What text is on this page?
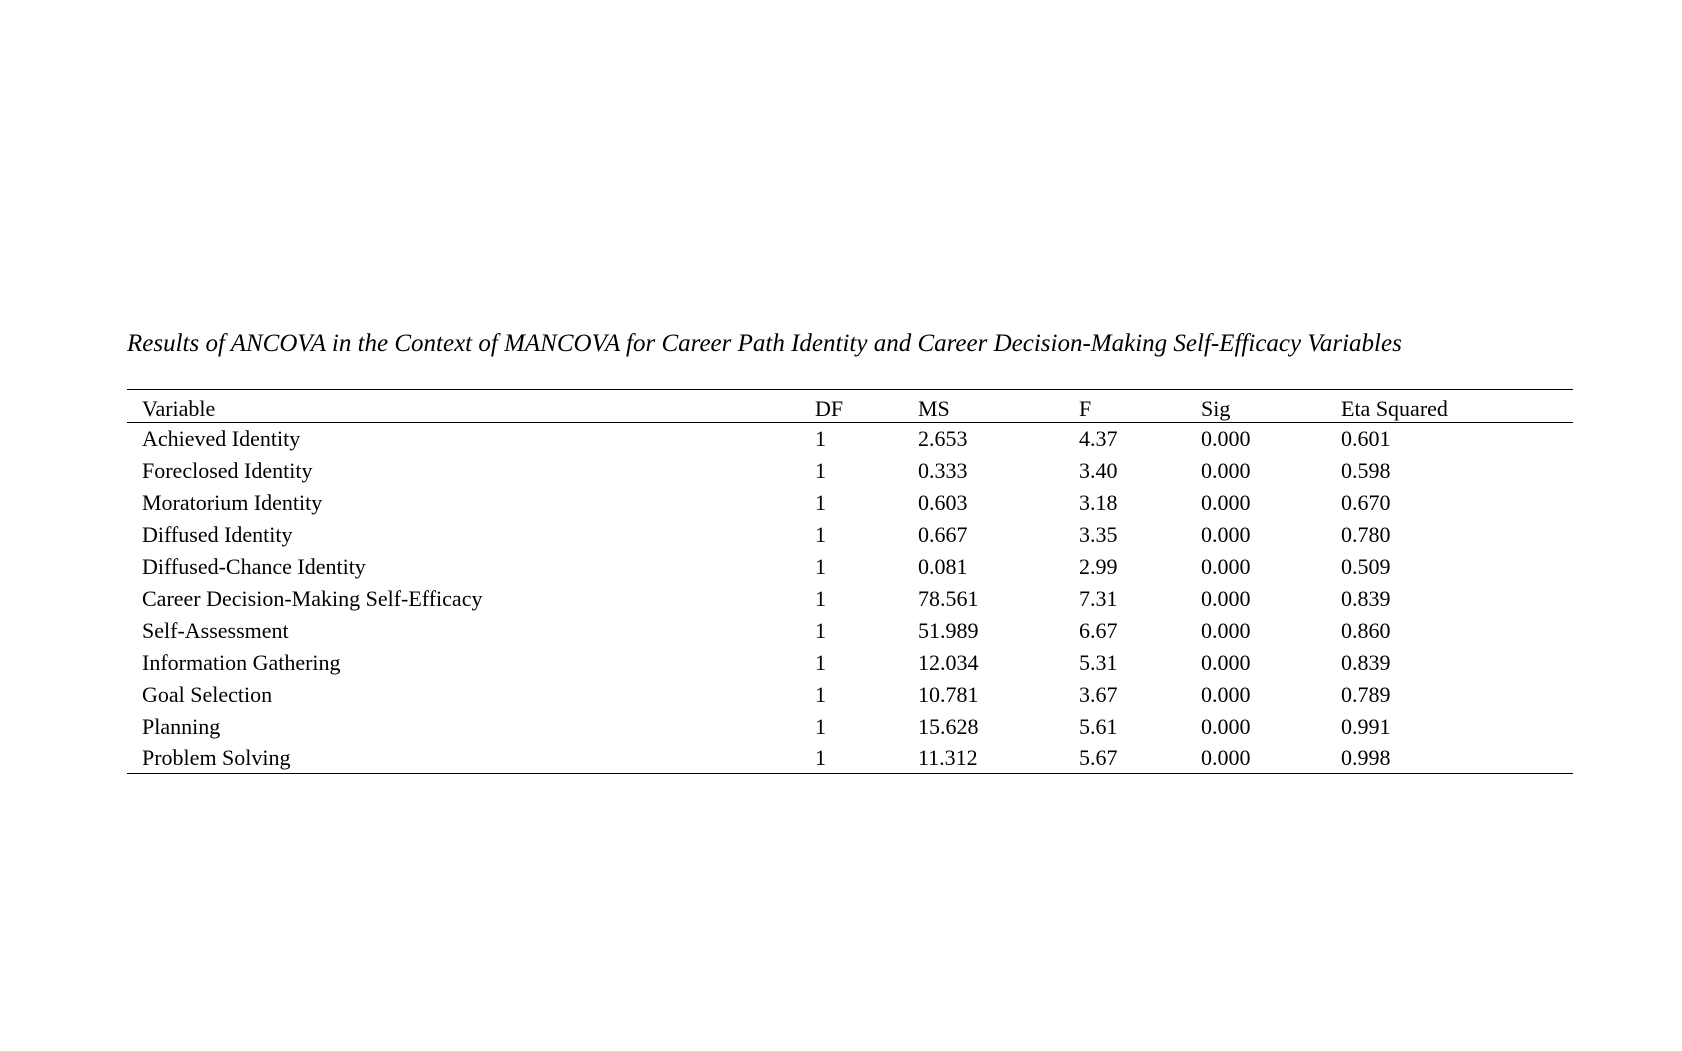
Results of ANCOVA in the Context of MANCOVA for Career Path Identity and Career Decision-Making Self-Efficacy Variables
Variable	DF	MS	F	Sig	Eta Squared
Achieved Identity	1	2.653	4.37	0.000	0.601
Foreclosed Identity	1	0.333	3.40	0.000	0.598
Moratorium Identity	1	0.603	3.18	0.000	0.670
Diffused Identity	1	0.667	3.35	0.000	0.780
Diffused-Chance Identity	1	0.081	2.99	0.000	0.509
Career Decision-Making Self-Efficacy	1	78.561	7.31	0.000	0.839
Self-Assessment	1	51.989	6.67	0.000	0.860
Information Gathering	1	12.034	5.31	0.000	0.839
Goal Selection	1	10.781	3.67	0.000	0.789
Planning	1	15.628	5.61	0.000	0.991
Problem Solving	1	11.312	5.67	0.000	0.998
